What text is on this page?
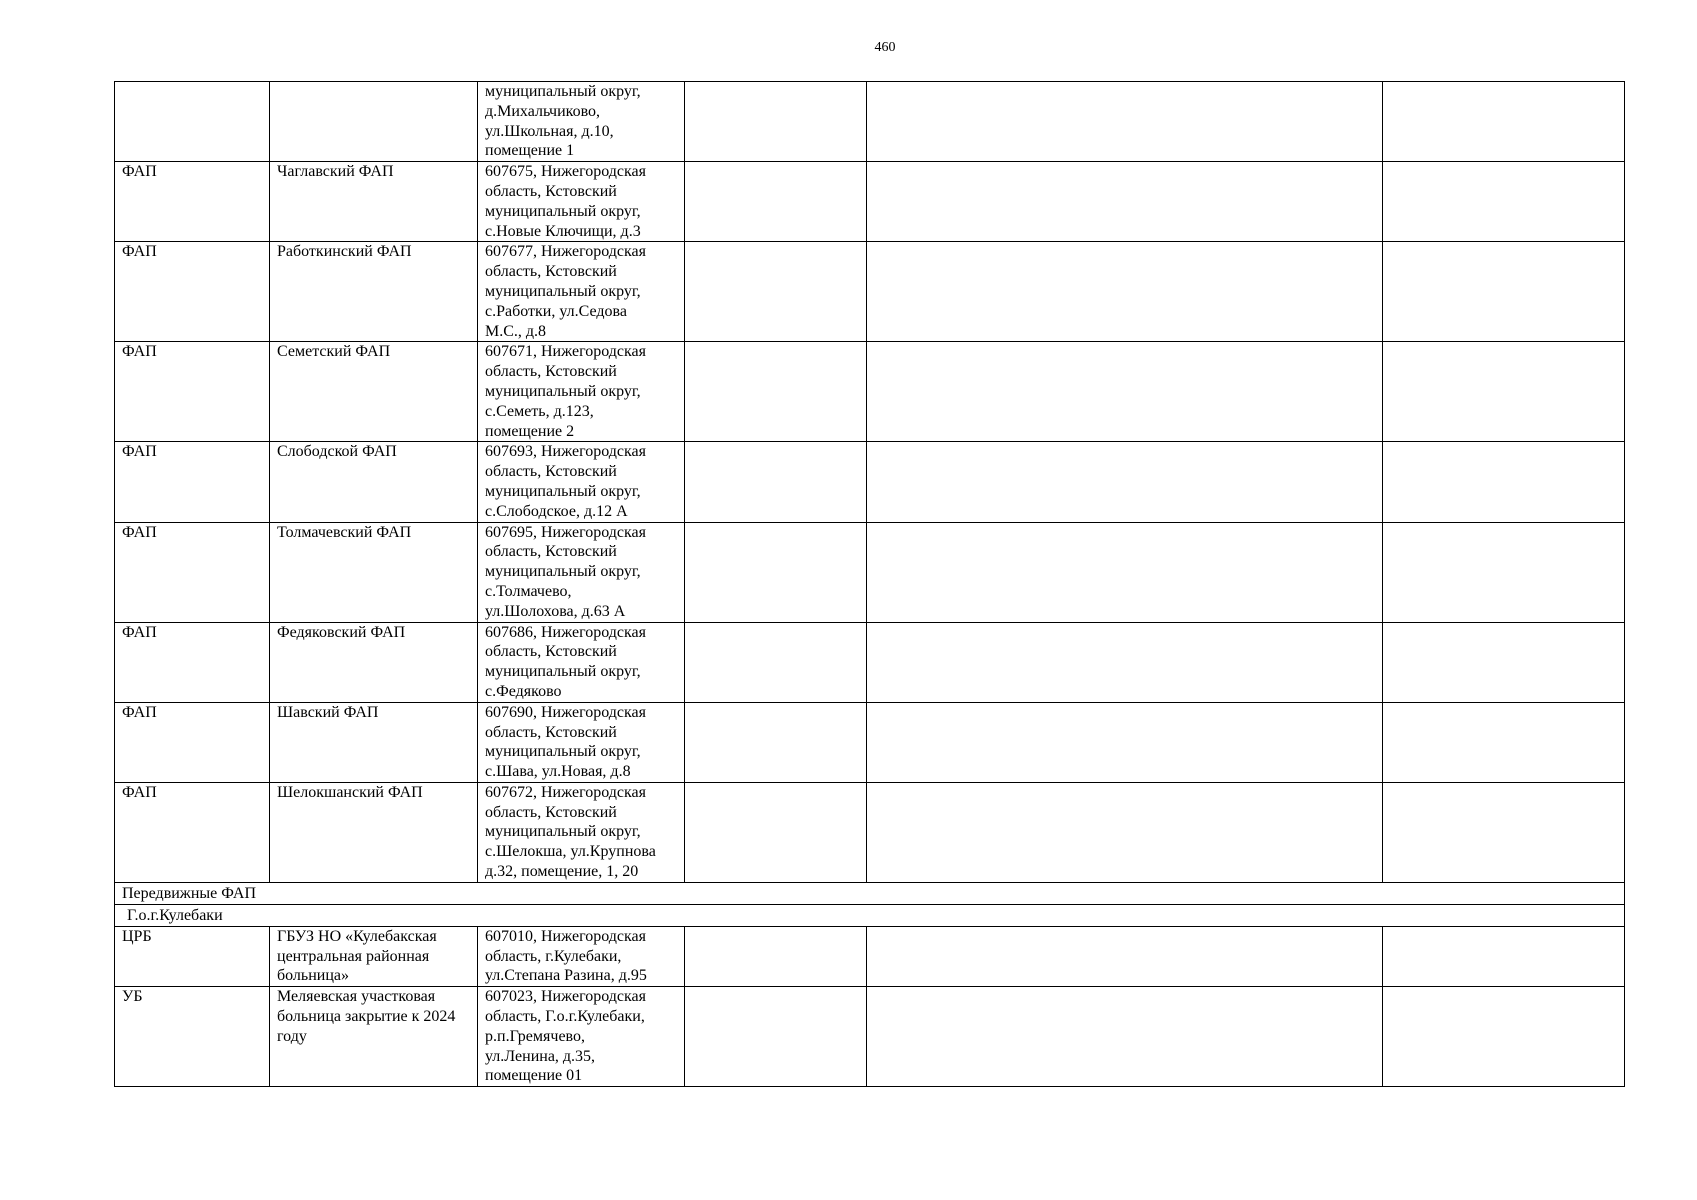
460
		муниципальный округ,
д.Михальчиково,
ул.Школьная, д.10,
помещение 1			
ФАП	Чаглавский ФАП	607675, Нижегородская
область, Кстовский
муниципальный округ,
с.Новые Ключищи, д.3			
ФАП	Работкинский ФАП	607677, Нижегородская
область, Кстовский
муниципальный округ,
с.Работки, ул.Седова
М.С., д.8			
ФАП	Семетский ФАП	607671, Нижегородская
область, Кстовский
муниципальный округ,
с.Семеть, д.123,
помещение 2			
ФАП	Слободской ФАП	607693, Нижегородская
область, Кстовский
муниципальный округ,
с.Слободское, д.12 А			
ФАП	Толмачевский ФАП	607695, Нижегородская
область, Кстовский
муниципальный округ,
с.Толмачево,
ул.Шолохова, д.63 А			
ФАП	Федяковский ФАП	607686, Нижегородская
область, Кстовский
муниципальный округ,
с.Федяково			
ФАП	Шавский ФАП	607690, Нижегородская
область, Кстовский
муниципальный округ,
с.Шава, ул.Новая, д.8			
ФАП	Шелокшанский ФАП	607672, Нижегородская
область, Кстовский
муниципальный округ,
с.Шелокша, ул.Крупнова
д.32, помещение, 1, 20			
Передвижные ФАП					
Г.о.г.Кулебаки					
ЦРБ	ГБУЗ НО «Кулебакская
центральная районная
больница»	607010, Нижегородская
область, г.Кулебаки,
ул.Степана Разина, д.95			
УБ	Меляевская участковая
больница закрытие к 2024
году	607023, Нижегородская
область, Г.о.г.Кулебаки,
р.п.Гремячево,
ул.Ленина, д.35,
помещение 01			
